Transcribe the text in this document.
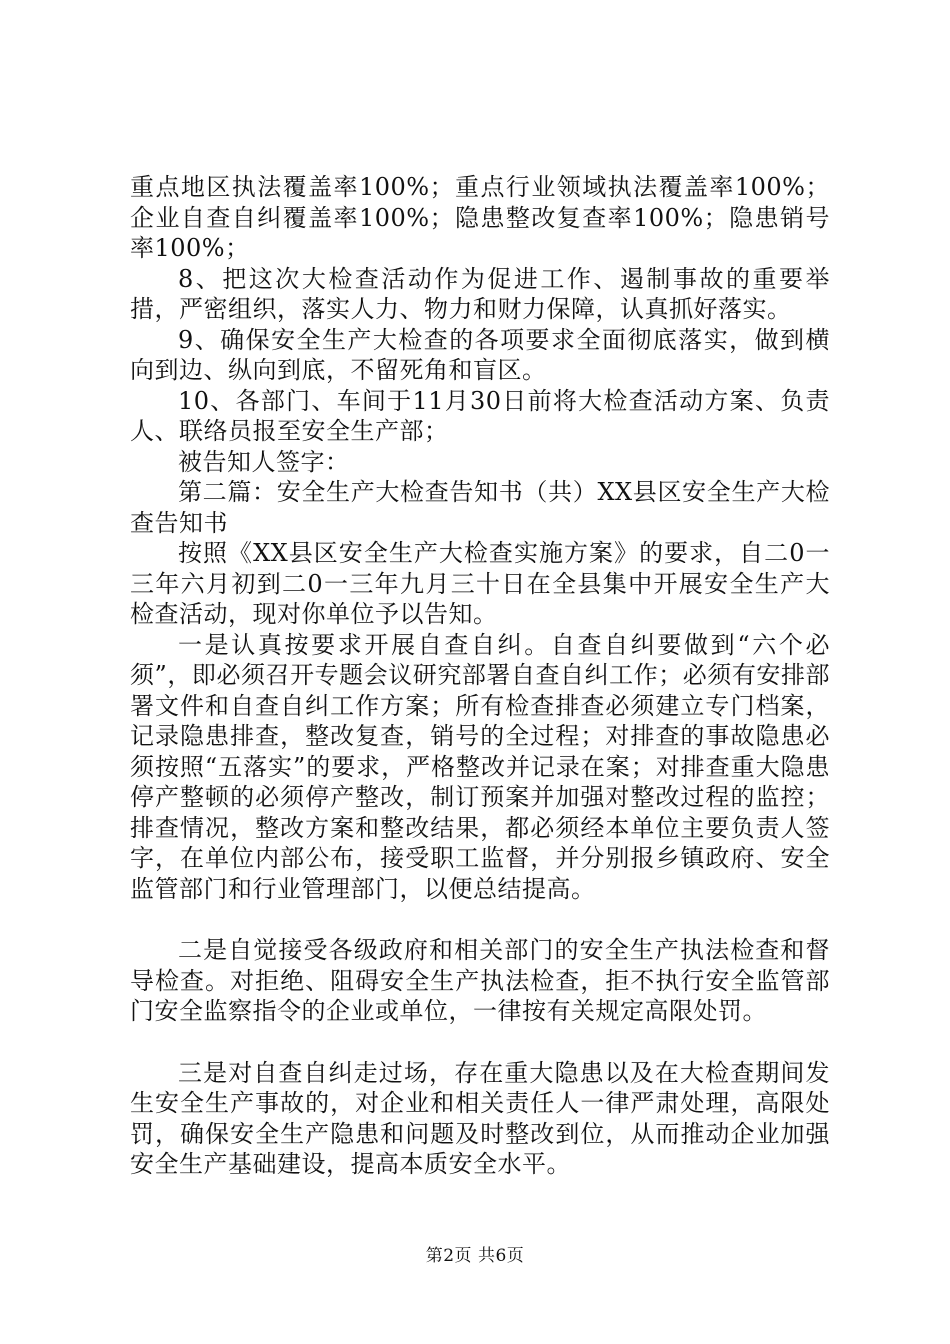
重点地区执法覆盖率100%；重点行业领域执法覆盖率100%；企业自查自纠覆盖率100%；隐患整改复查率100%；隐患销号率100%；

8、把这次大检查活动作为促进工作、遏制事故的重要举措，严密组织，落实人力、物力和财力保障，认真抓好落实。

9、确保安全生产大检查的各项要求全面彻底落实，做到横向到边、纵向到底，不留死角和盲区。

10、各部门、车间于11月30日前将大检查活动方案、负责人、联络员报至安全生产部；

被告知人签字：

第二篇：安全生产大检查告知书（共）XX县区安全生产大检查告知书

按照《XX县区安全生产大检查实施方案》的要求，自二0一三年六月初到二0一三年九月三十日在全县集中开展安全生产大检查活动，现对你单位予以告知。

一是认真按要求开展自查自纠。自查自纠要做到“六个必须”，即必须召开专题会议研究部署自查自纠工作；必须有安排部署文件和自查自纠工作方案；所有检查排查必须建立专门档案，记录隐患排查，整改复查，销号的全过程；对排查的事故隐患必须按照“五落实”的要求，严格整改并记录在案；对排查重大隐患停产整顿的必须停产整改，制订预案并加强对整改过程的监控；排查情况，整改方案和整改结果，都必须经本单位主要负责人签字，在单位内部公布，接受职工监督，并分别报乡镇政府、安全监管部门和行业管理部门，以便总结提高。

二是自觉接受各级政府和相关部门的安全生产执法检查和督导检查。对拒绝、阻碍安全生产执法检查，拒不执行安全监管部门安全监察指令的企业或单位，一律按有关规定高限处罚。

三是对自查自纠走过场，存在重大隐患以及在大检查期间发生安全生产事故的，对企业和相关责任人一律严肃处理，高限处罚，确保安全生产隐患和问题及时整改到位，从而推动企业加强安全生产基础建设，提高本质安全水平。

第2页 共6页
